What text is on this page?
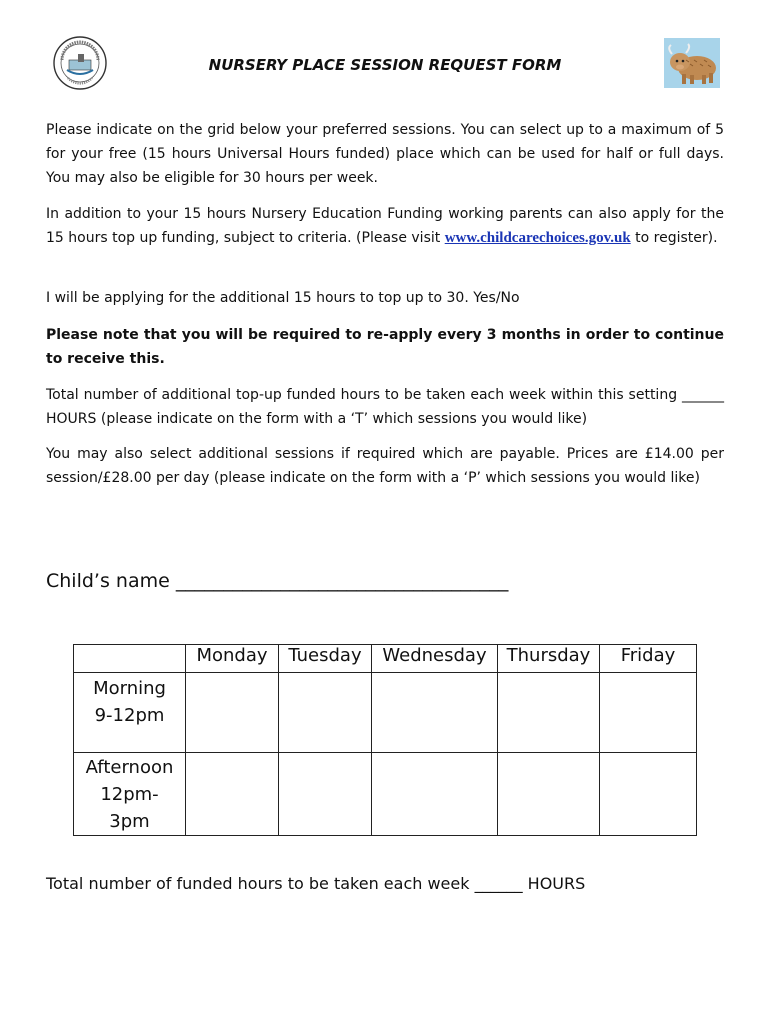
NURSERY PLACE SESSION REQUEST FORM

Please indicate on the grid below your preferred sessions. You can select up to a maximum of 5 for your free (15 hours Universal Hours funded) place which can be used for half or full days. You may also be eligible for 30 hours per week.

In addition to your 15 hours Nursery Education Funding working parents can also apply for the 15 hours top up funding, subject to criteria. (Please visit www.childcarechoices.gov.uk to register).

I will be applying for the additional 15 hours to top up to 30. Yes/No

Please note that you will be required to re-apply every 3 months in order to continue to receive this.

Total number of additional top-up funded hours to be taken each week within this setting ______ HOURS (please indicate on the form with a ‘T’ which sessions you would like)

You may also select additional sessions if required which are payable. Prices are £14.00 per session/£28.00 per day (please indicate on the form with a ‘P’ which sessions you would like)

Child’s name ___________________________________
	Monday	Tuesday	Wednesday	Thursday	Friday

Morning
9-12pm					

Afternoon
12pm-
3pm					

Total number of funded hours to be taken each week ______ HOURS
